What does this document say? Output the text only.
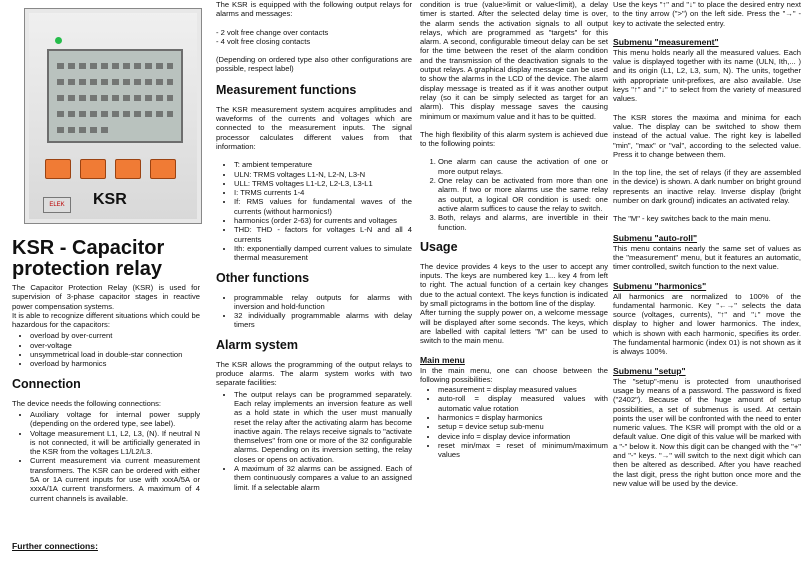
ELEK	KSR
KSR - Capacitor protection relay

The Capacitor Protection Relay (KSR) is used for supervision of 3-phase capacitor stages in reactive power compensation systems.

It is able to recognize different situations which could be hazardous for the capacitors:

• overload by over-current
• over-voltage
• unsymmetrical load in double-star connection
• overload by harmonics
Connection

The device needs the following connections:

• Auxiliary voltage for internal power supply (depending on the ordered type, see label).
• Voltage measurement L1, L2, L3, (N). If neutral N is not connected, it will be artificially generated in the KSR from the voltages L1/L2/L3.
• Current measurement via current measurement transformers. The KSR can be ordered with either 5A or 1A current inputs for use with xxxA/5A or xxxA/1A current transformers. A maximum of 4 current channels is available.
Further connections:

The KSR is equipped with the following output relays for alarms and messages:

- 2 volt free change over contacts

- 4 volt free closing contacts

(Depending on ordered type also other configurations are possible, respect label)

Measurement functions

The KSR measurement system acquires amplitudes and waveforms of the currents and voltages which are connected to the measurement inputs. The signal processor calculates different values from that information:

• T: ambient temperature
• ULN: TRMS voltages L1-N, L2-N, L3-N
• ULL: TRMS voltages L1-L2, L2-L3, L3-L1
• I: TRMS currents 1-4
• If: RMS values for fundamental waves of the currents (without harmonics!)
• harmonics (order 2-63) for currents and voltages
• THD: THD - factors for voltages L-N and all 4 currents
• Ith: exponentially damped current values to simulate thermal measurement
Other functions
• programmable relay outputs for alarms with inversion and hold-function
• 32 individually programmable alarms with delay timers
Alarm system

The KSR allows the programming of the output relays to produce alarms. The alarm system works with two separate facilities:

• The output relays can be programmed separately. Each relay implements an inversion feature as well as a hold state in which the user must manually reset the relay after the activating alarm has become inactive again. The relays receive signals to "activate themselves" from one or more of the 32 configurable alarms. Depending on its inversion setting, the relay closes or opens on activation.
• A maximum of 32 alarms can be assigned. Each of them continuously compares a value to an assigned limit. If a selectable alarm

condition is true (value>limit or value<limit), a delay timer is started. After the selected delay time is over, the alarm sends the activation signals to all output relays, which are programmed as "targets" for this alarm. A second, configurable timeout delay can be set for the time between the reset of the alarm condition and the transmission of the deactivation signals to the output relays. A graphical display message can be used to show the alarms in the LCD of the device. The alarm display message is treated as if it was another output relay (so it can be simply selected as target for an alarm). This display message saves the causing minimum or maximum value and it has to be quitted.

The high flexibility of this alarm system is achieved due to the following points:

1. One alarm can cause the activation of one or more output relays.
2. One relay can be activated from more than one alarm. If two or more alarms use the same relay as output, a logical OR condition is used: one active alarm suffices to cause the relay to switch.
3. Both, relays and alarms, are invertible in their function.
Usage

The device provides 4 keys to the user to accept any inputs. The keys are numbered key 1... key 4 from left to right. The actual function of a certain key changes due to the actual context. The keys function is indicated by small pictograms in the bottom line of the display.

After turning the supply power on, a welcome message will be displayed after some seconds. The keys, which are labelled with capital letters "M" can be used to switch to the main menu.

Main menu

In the main menu, one can choose between the following possibilities:

• measurement = display measured values
• auto-roll = display measured values with automatic value rotation
• harmonics = display harmonics
• setup = device setup sub-menu
• device info = display device information
• reset min/max = reset of minimum/maximum values

Use the keys "↑" and "↓" to place the desired entry next to the tiny arrow (">") on the left side. Press the "→" - key to activate the selected entry.

Submenu "measurement"

This menu holds nearly all the measured values. Each value is displayed together with its name (ULN, Ith,... ) and its origin (L1, L2, L3, sum, N). The units, together with appropriate unit-prefixes, are also available. Use keys "↑" and "↓" to select from the variety of measured values.

The KSR stores the maxima and minima for each value. The display can be switched to show them instead of the actual value. The right key is labelled "min", "max" or "val", according to the selected value. Press it to change between them.

In the top line, the set of relays (if they are assembled in the device) is shown. A dark number on bright ground represents an inactive relay. Inverse display (bright number on dark ground) indicates an activated relay.

The "M" - key switches back to the main menu.

Submenu "auto-roll"

This menu contains nearly the same set of values as the "measurement" menu, but it features an automatic, timer controlled, switch function to the next value.

Submenu "harmonics"

All harmonics are normalized to 100% of the fundamental harmonic. Key "←→" selects the data source (voltages, currents), "↑" and "↓" move the display to higher and lower harmonics. The index, which is shown with each harmonic, specifies its order. The fundamental harmonic (index 01) is not shown as it is always 100%.

Submenu "setup"

The "setup"-menu is protected from unauthorised usage by means of a password. The password is fixed ("2402"). Because of the huge amount of setup possibilities, a set of submenus is used. At certain points the user will be confronted with the need to enter numeric values. The KSR will prompt with the old or a default value. One digit of this value will be marked with a "-" below it. Now this digit can be changed with the "+" and "-" keys. "→" will switch to the next digit which can then be altered as described. After you have reached the last digit, press the right button once more and the new value will be used by the device.
